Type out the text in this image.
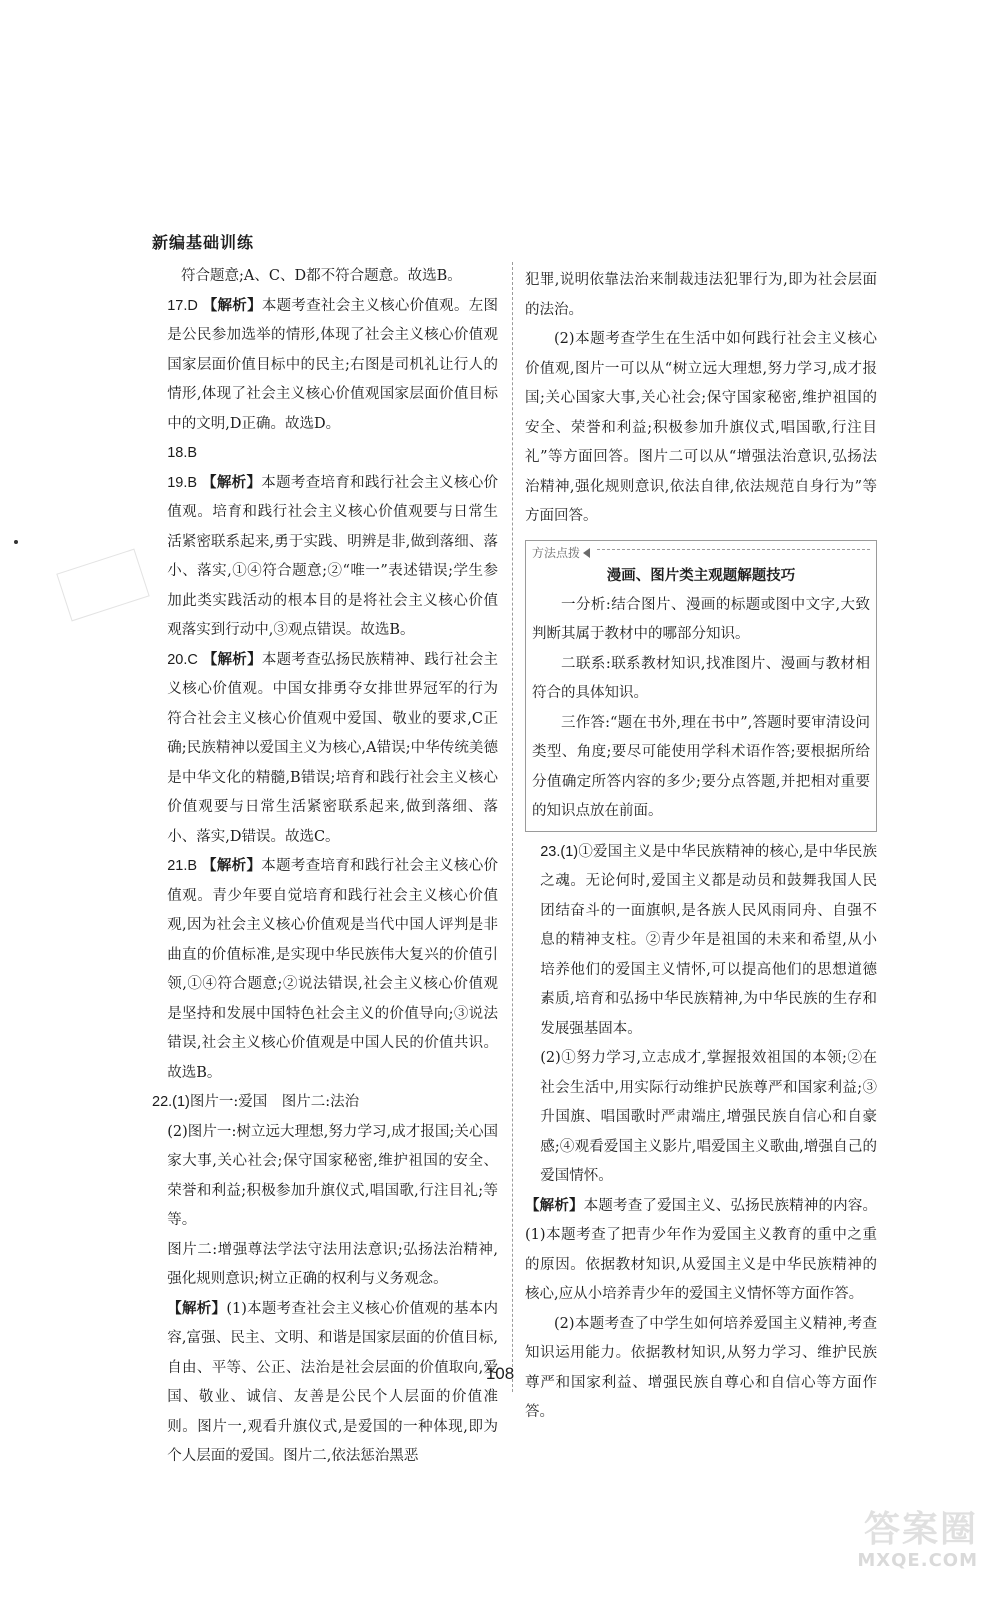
新编基础训练

符合题意;A、C、D都不符合题意。故选B。

17.D 【解析】本题考查社会主义核心价值观。左图是公民参加选举的情形,体现了社会主义核心价值观国家层面价值目标中的民主;右图是司机礼让行人的情形,体现了社会主义核心价值观国家层面价值目标中的文明,D正确。故选D。

18.B

19.B 【解析】本题考查培育和践行社会主义核心价值观。培育和践行社会主义核心价值观要与日常生活紧密联系起来,勇于实践、明辨是非,做到落细、落小、落实,①④符合题意;②“唯一”表述错误;学生参加此类实践活动的根本目的是将社会主义核心价值观落实到行动中,③观点错误。故选B。

20.C 【解析】本题考查弘扬民族精神、践行社会主义核心价值观。中国女排勇夺女排世界冠军的行为符合社会主义核心价值观中爱国、敬业的要求,C正确;民族精神以爱国主义为核心,A错误;中华传统美德是中华文化的精髓,B错误;培育和践行社会主义核心价值观要与日常生活紧密联系起来,做到落细、落小、落实,D错误。故选C。

21.B 【解析】本题考查培育和践行社会主义核心价值观。青少年要自觉培育和践行社会主义核心价值观,因为社会主义核心价值观是当代中国人评判是非曲直的价值标准,是实现中华民族伟大复兴的价值引领,①④符合题意;②说法错误,社会主义核心价值观是坚持和发展中国特色社会主义的价值导向;③说法错误,社会主义核心价值观是中国人民的价值共识。故选B。

22.(1)图片一:爱国　图片二:法治

(2)图片一:树立远大理想,努力学习,成才报国;关心国家大事,关心社会;保守国家秘密,维护祖国的安全、荣誉和利益;积极参加升旗仪式,唱国歌,行注目礼;等等。

图片二:增强尊法学法守法用法意识;弘扬法治精神,强化规则意识;树立正确的权利与义务观念。

【解析】(1)本题考查社会主义核心价值观的基本内容,富强、民主、文明、和谐是国家层面的价值目标,自由、平等、公正、法治是社会层面的价值取向,爱国、敬业、诚信、友善是公民个人层面的价值准则。图片一,观看升旗仪式,是爱国的一种体现,即为个人层面的爱国。图片二,依法惩治黑恶

犯罪,说明依靠法治来制裁违法犯罪行为,即为社会层面的法治。

(2)本题考查学生在生活中如何践行社会主义核心价值观,图片一可以从“树立远大理想,努力学习,成才报国;关心国家大事,关心社会;保守国家秘密,维护祖国的安全、荣誉和利益;积极参加升旗仪式,唱国歌,行注目礼”等方面回答。图片二可以从“增强法治意识,弘扬法治精神,强化规则意识,依法自律,依法规范自身行为”等方面回答。

方法点拨
漫画、图片类主观题解题技巧

一分析:结合图片、漫画的标题或图中文字,大致判断其属于教材中的哪部分知识。

二联系:联系教材知识,找准图片、漫画与教材相符合的具体知识。

三作答:“题在书外,理在书中”,答题时要审清设问类型、角度;要尽可能使用学科术语作答;要根据所给分值确定所答内容的多少;要分点答题,并把相对重要的知识点放在前面。

23.(1)①爱国主义是中华民族精神的核心,是中华民族之魂。无论何时,爱国主义都是动员和鼓舞我国人民团结奋斗的一面旗帜,是各族人民风雨同舟、自强不息的精神支柱。②青少年是祖国的未来和希望,从小培养他们的爱国主义情怀,可以提高他们的思想道德素质,培育和弘扬中华民族精神,为中华民族的生存和发展强基固本。

(2)①努力学习,立志成才,掌握报效祖国的本领;②在社会生活中,用实际行动维护民族尊严和国家利益;③升国旗、唱国歌时严肃端庄,增强民族自信心和自豪感;④观看爱国主义影片,唱爱国主义歌曲,增强自己的爱国情怀。

【解析】本题考查了爱国主义、弘扬民族精神的内容。(1)本题考查了把青少年作为爱国主义教育的重中之重的原因。依据教材知识,从爱国主义是中华民族精神的核心,应从小培养青少年的爱国主义情怀等方面作答。

(2)本题考查了中学生如何培养爱国主义精神,考查知识运用能力。依据教材知识,从努力学习、维护民族尊严和国家利益、增强民族自尊心和自信心等方面作答。

108
答案圈
MXQE.COM
